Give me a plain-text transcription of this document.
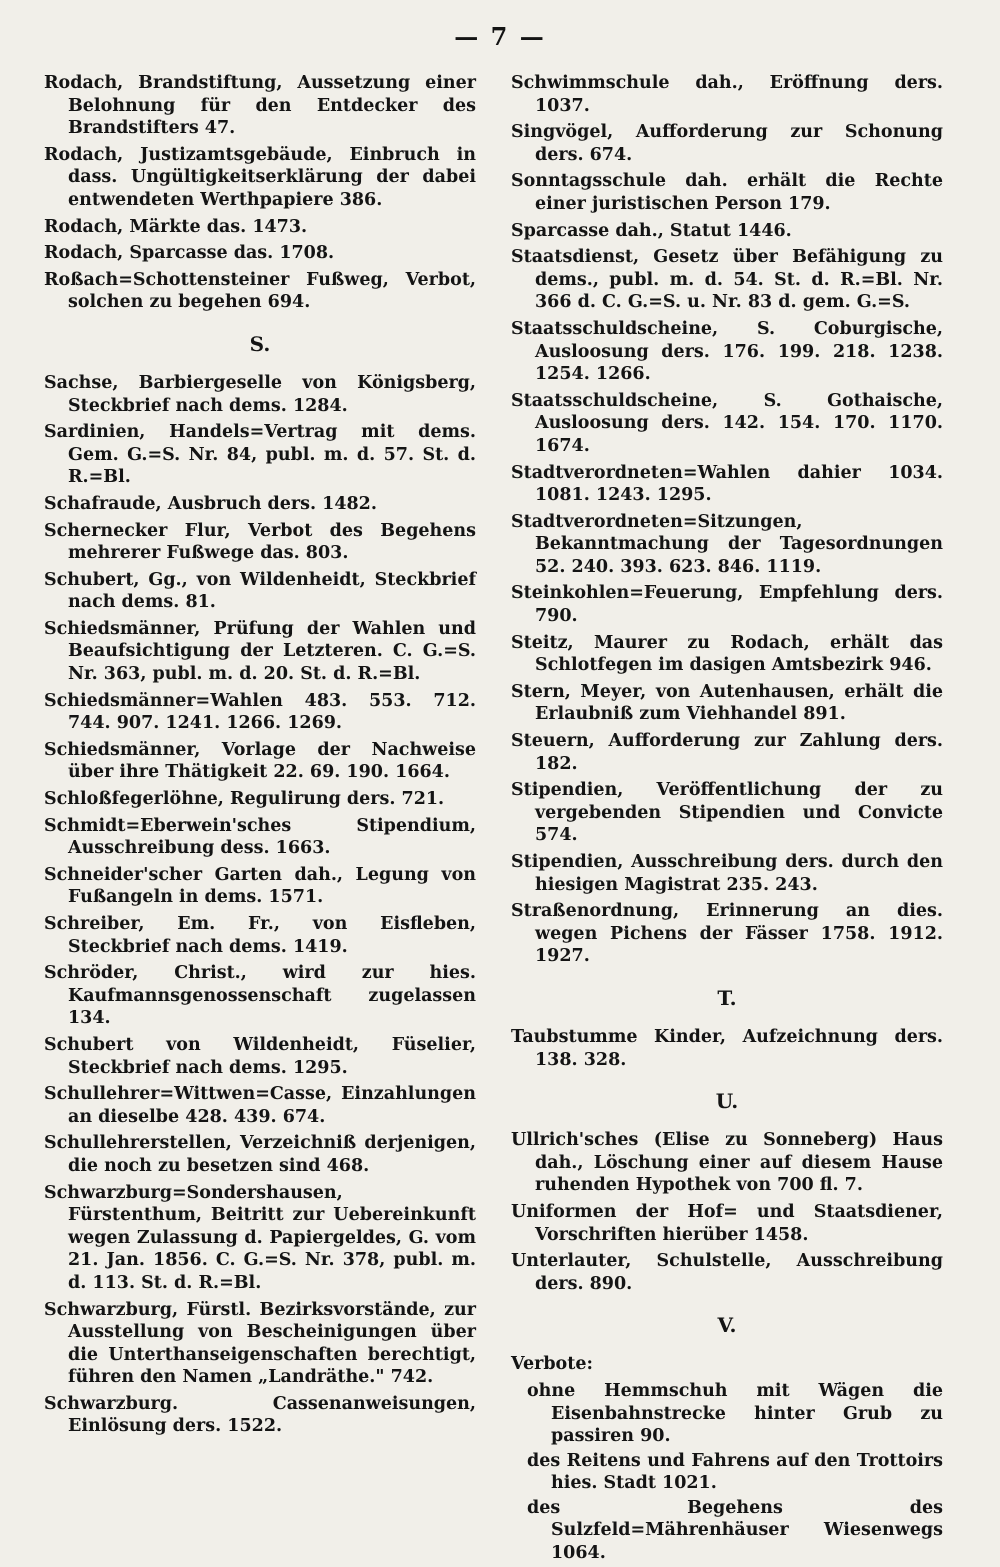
— 7 —

Rodach, Brandstiftung, Aussetzung einer Belohnung für den Entdecker des Brandstifters 47.

Rodach, Justizamtsgebäude, Einbruch in dass. Ungültigkeitserklärung der dabei entwendeten Werthpapiere 386.

Rodach, Märkte das. 1473.

Rodach, Sparcasse das. 1708.

Roßach=Schottensteiner Fußweg, Verbot, solchen zu begehen 694.

S.

Sachse, Barbiergeselle von Königsberg, Steckbrief nach dems. 1284.

Sardinien, Handels=Vertrag mit dems. Gem. G.=S. Nr. 84, publ. m. d. 57. St. d. R.=Bl.

Schafraude, Ausbruch ders. 1482.

Schernecker Flur, Verbot des Begehens mehrerer Fußwege das. 803.

Schubert, Gg., von Wildenheidt, Steckbrief nach dems. 81.

Schiedsmänner, Prüfung der Wahlen und Beaufsichtigung der Letzteren. C. G.=S. Nr. 363, publ. m. d. 20. St. d. R.=Bl.

Schiedsmänner=Wahlen 483. 553. 712. 744. 907. 1241. 1266. 1269.

Schiedsmänner, Vorlage der Nachweise über ihre Thätigkeit 22. 69. 190. 1664.

Schloßfegerlöhne, Regulirung ders. 721.

Schmidt=Eberwein'sches Stipendium, Ausschreibung dess. 1663.

Schneider'scher Garten dah., Legung von Fußangeln in dems. 1571.

Schreiber, Em. Fr., von Eisfleben, Steckbrief nach dems. 1419.

Schröder, Christ., wird zur hies. Kaufmannsgenossenschaft zugelassen 134.

Schubert von Wildenheidt, Füselier, Steckbrief nach dems. 1295.

Schullehrer=Wittwen=Casse, Einzahlungen an dieselbe 428. 439. 674.

Schullehrerstellen, Verzeichniß derjenigen, die noch zu besetzen sind 468.

Schwarzburg=Sondershausen, Fürstenthum, Beitritt zur Uebereinkunft wegen Zulassung d. Papiergeldes, G. vom 21. Jan. 1856. C. G.=S. Nr. 378, publ. m. d. 113. St. d. R.=Bl.

Schwarzburg, Fürstl. Bezirksvorstände, zur Ausstellung von Bescheinigungen über die Unterthanseigenschaften berechtigt, führen den Namen „Landräthe." 742.

Schwarzburg. Cassenanweisungen, Einlösung ders. 1522.

Schwimmschule dah., Eröffnung ders. 1037.

Singvögel, Aufforderung zur Schonung ders. 674.

Sonntagsschule dah. erhält die Rechte einer juristischen Person 179.

Sparcasse dah., Statut 1446.

Staatsdienst, Gesetz über Befähigung zu dems., publ. m. d. 54. St. d. R.=Bl. Nr. 366 d. C. G.=S. u. Nr. 83 d. gem. G.=S.

Staatsschuldscheine, S. Coburgische, Ausloosung ders. 176. 199. 218. 1238. 1254. 1266.

Staatsschuldscheine, S. Gothaische, Ausloosung ders. 142. 154. 170. 1170. 1674.

Stadtverordneten=Wahlen dahier 1034. 1081. 1243. 1295.

Stadtverordneten=Sitzungen, Bekanntmachung der Tagesordnungen 52. 240. 393. 623. 846. 1119.

Steinkohlen=Feuerung, Empfehlung ders. 790.

Steitz, Maurer zu Rodach, erhält das Schlotfegen im dasigen Amtsbezirk 946.

Stern, Meyer, von Autenhausen, erhält die Erlaubniß zum Viehhandel 891.

Steuern, Aufforderung zur Zahlung ders. 182.

Stipendien, Veröffentlichung der zu vergebenden Stipendien und Convicte 574.

Stipendien, Ausschreibung ders. durch den hiesigen Magistrat 235. 243.

Straßenordnung, Erinnerung an dies. wegen Pichens der Fässer 1758. 1912. 1927.

T.

Taubstumme Kinder, Aufzeichnung ders. 138. 328.

U.

Ullrich'sches (Elise zu Sonneberg) Haus dah., Löschung einer auf diesem Hause ruhenden Hypothek von 700 fl. 7.

Uniformen der Hof= und Staatsdiener, Vorschriften hierüber 1458.

Unterlauter, Schulstelle, Ausschreibung ders. 890.

V.

Verbote:

ohne Hemmschuh mit Wägen die Eisenbahnstrecke hinter Grub zu passiren 90.

des Reitens und Fahrens auf den Trottoirs hies. Stadt 1021.

des Begehens des Sulzfeld=Mährenhäuser Wiesenwegs 1064.
